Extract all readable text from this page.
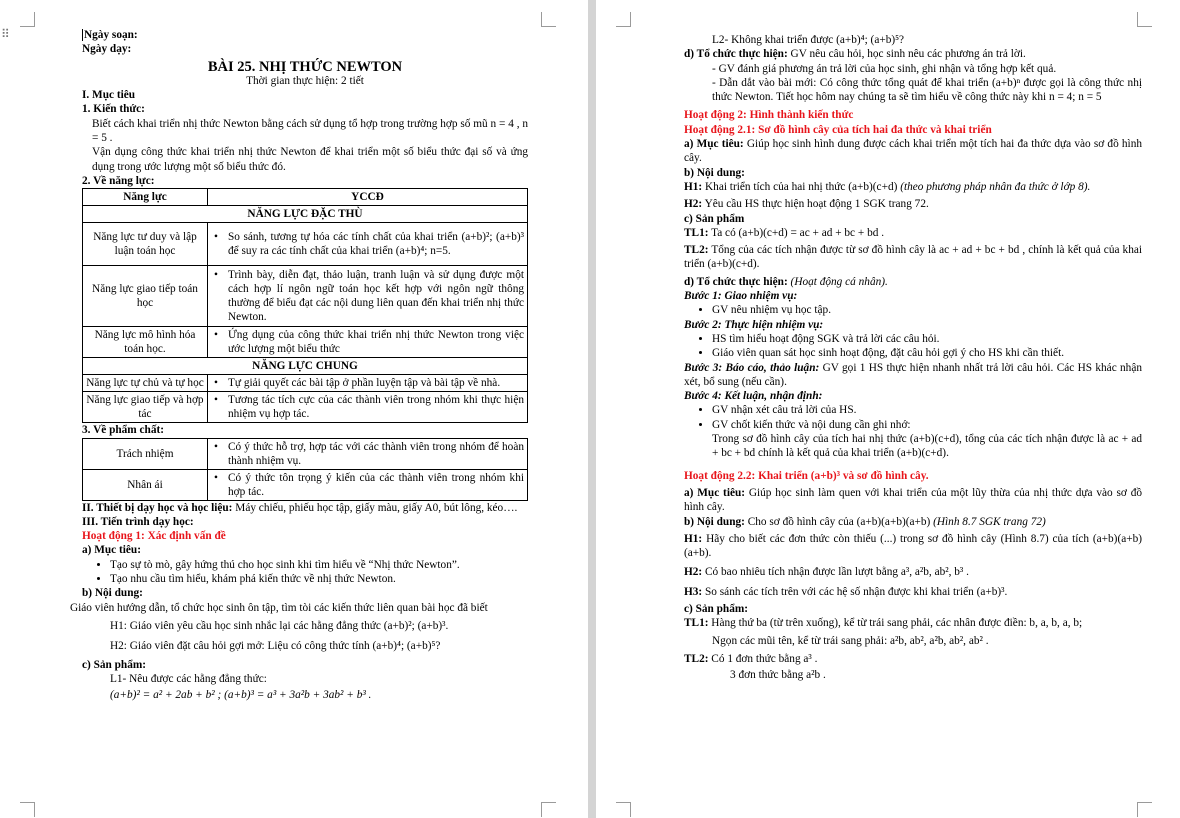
⠿	Ngày soạn:

Ngày dạy:

BÀI 25. NHỊ THỨC NEWTON

Thời gian thực hiện: 2 tiết

I. Mục tiêu

1. Kiến thức:

Biết cách khai triển nhị thức Newton bằng cách sử dụng tổ hợp trong trường hợp số mũ n = 4 , n = 5 .

Vận dụng công thức khai triển nhị thức Newton để khai triển một số biểu thức đại số và ứng dụng trong ước lượng một số biểu thức đó.

2. Về năng lực:

Năng lực	YCCĐ
NĂNG LỰC ĐẶC THÙ	
Năng lực tư duy và lập luận toán học	• So sánh, tương tự hóa các tính chất của khai triển (a+b)²; (a+b)³ để suy ra các tính chất của khai triển (a+b)⁴; n=5.

Năng lực giao tiếp toán học	• Trình bày, diễn đạt, thảo luận, tranh luận và sử dụng được một cách hợp lí ngôn ngữ toán học kết hợp với ngôn ngữ thông thường để biểu đạt các nội dung liên quan đến khai triển nhị thức Newton.

Năng lực mô hình hóa toán học.	• Ứng dụng của công thức khai triển nhị thức Newton trong việc ước lượng một biểu thức

NĂNG LỰC CHUNG	
Năng lực tự chủ và tự học	• Tự giải quyết các bài tập ở phần luyện tập và bài tập về nhà.

Năng lực giao tiếp và hợp tác	• Tương tác tích cực của các thành viên trong nhóm khi thực hiện nhiệm vụ hợp tác.

3. Về phẩm chất:

Trách nhiệm	• Có ý thức hỗ trợ, hợp tác với các thành viên trong nhóm để hoàn thành nhiệm vụ.

Nhân ái	• Có ý thức tôn trọng ý kiến của các thành viên trong nhóm khi hợp tác.

II. Thiết bị dạy học và học liệu: Máy chiếu, phiếu học tập, giấy màu, giấy A0, bút lông, kéo….

III. Tiến trình dạy học:

Hoạt động 1: Xác định vấn đề

a) Mục tiêu:

• Tạo sự tò mò, gây hứng thú cho học sinh khi tìm hiểu về “Nhị thức Newton”.
• Tạo nhu cầu tìm hiểu, khám phá kiến thức về nhị thức Newton.

b) Nội dung:

Giáo viên hướng dẫn, tổ chức học sinh ôn tập, tìm tòi các kiến thức liên quan bài học đã biết

H1: Giáo viên yêu cầu học sinh nhắc lại các hằng đẳng thức (a+b)²; (a+b)³.

H2: Giáo viên đặt câu hỏi gợi mở: Liệu có công thức tính (a+b)⁴; (a+b)⁵?

c) Sản phẩm:

L1- Nêu được các hằng đẳng thức:

(a+b)² = a² + 2ab + b² ; (a+b)³ = a³ + 3a²b + 3ab² + b³ .

L2- Không khai triển được (a+b)⁴; (a+b)⁵?

d) Tổ chức thực hiện: GV nêu câu hỏi, học sinh nêu các phương án trả lời.

- GV đánh giá phương án trả lời của học sinh, ghi nhận và tổng hợp kết quả.

- Dẫn dắt vào bài mới: Có công thức tổng quát để khai triển (a+b)ⁿ được gọi là công thức nhị thức Newton. Tiết học hôm nay chúng ta sẽ tìm hiểu về công thức này khi n = 4; n = 5

Hoạt động 2: Hình thành kiến thức

Hoạt động 2.1: Sơ đồ hình cây của tích hai đa thức và khai triển

a) Mục tiêu: Giúp học sinh hình dung được cách khai triển một tích hai đa thức dựa vào sơ đồ hình cây.

b) Nội dung:

H1: Khai triển tích của hai nhị thức (a+b)(c+d) (theo phương pháp nhân đa thức ở lớp 8).

H2: Yêu cầu HS thực hiện hoạt động 1 SGK trang 72.

c) Sản phẩm

TL1: Ta có (a+b)(c+d) = ac + ad + bc + bd .

TL2: Tổng của các tích nhận được từ sơ đồ hình cây là ac + ad + bc + bd , chính là kết quả của khai triển (a+b)(c+d).

d) Tổ chức thực hiện: (Hoạt động cá nhân).

Bước 1: Giao nhiệm vụ:

• GV nêu nhiệm vụ học tập.

Bước 2: Thực hiện nhiệm vụ:

• HS tìm hiểu hoạt động SGK và trả lời các câu hỏi.
• Giáo viên quan sát học sinh hoạt động, đặt câu hỏi gợi ý cho HS khi cần thiết.

Bước 3: Báo cáo, thảo luận: GV gọi 1 HS thực hiện nhanh nhất trả lời câu hỏi. Các HS khác nhận xét, bổ sung (nếu cần).

Bước 4: Kết luận, nhận định:

• GV nhận xét câu trả lời của HS.
• GV chốt kiến thức và nội dung cần ghi nhớ:

Trong sơ đồ hình cây của tích hai nhị thức (a+b)(c+d), tổng của các tích nhận được là ac + ad + bc + bd chính là kết quả của khai triển (a+b)(c+d).

Hoạt động 2.2: Khai triển (a+b)³ và sơ đồ hình cây.

a) Mục tiêu: Giúp học sinh làm quen với khai triển của một lũy thừa của nhị thức dựa vào sơ đồ hình cây.

b) Nội dung: Cho sơ đồ hình cây của (a+b)(a+b)(a+b) (Hình 8.7 SGK trang 72)

H1: Hãy cho biết các đơn thức còn thiếu (...) trong sơ đồ hình cây (Hình 8.7) của tích (a+b)(a+b)(a+b).

H2: Có bao nhiêu tích nhận được lần lượt bằng a³, a²b, ab², b³ .

H3: So sánh các tích trên với các hệ số nhận được khi khai triển (a+b)³.

c) Sản phẩm:

TL1: Hàng thứ ba (từ trên xuống), kể từ trái sang phải, các nhân được điền: b, a, b, a, b;

Ngọn các mũi tên, kể từ trái sang phải: a²b, ab², a²b, ab², ab² .

TL2: Có 1 đơn thức bằng a³ .

3 đơn thức bằng a²b .
